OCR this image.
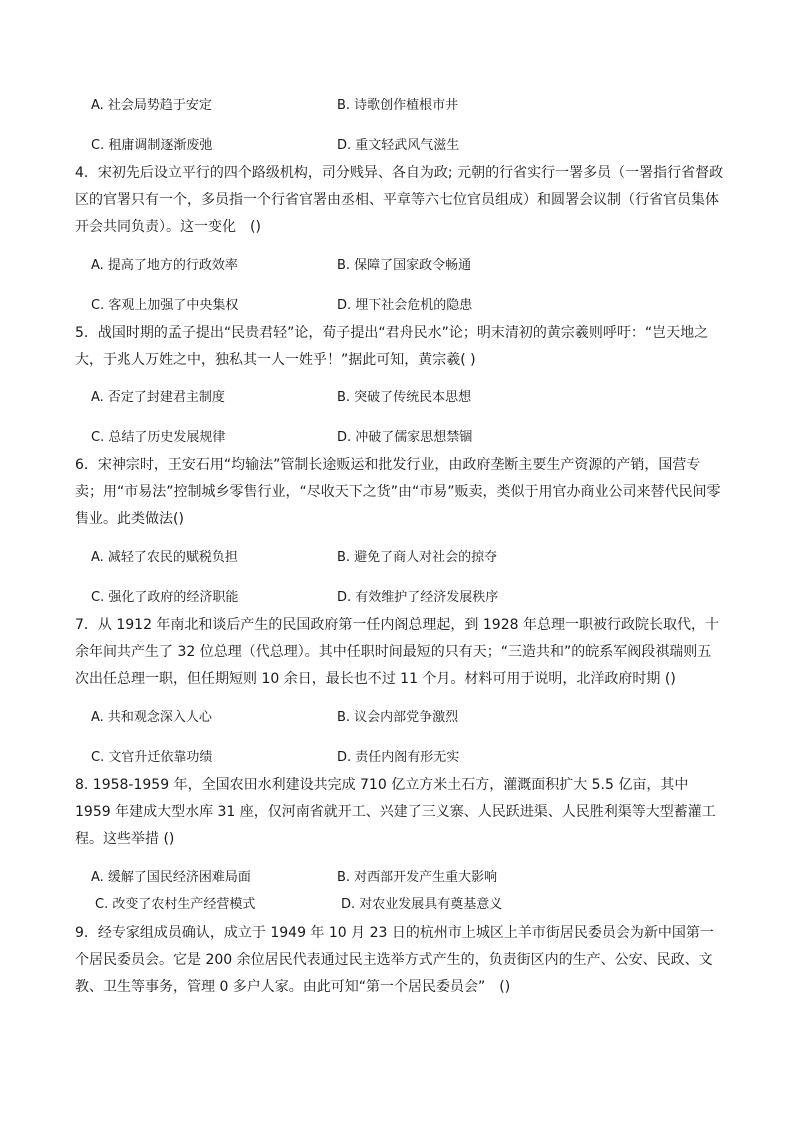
A. 社会局势趋于安定	B. 诗歌创作植根市井
C. 租庸调制逐渐废弛	D. 重文轻武风气滋生

4．宋初先后设立平行的四个路级机构，司分贱异、各自为政; 元朝的行省实行一署多员（一署指行省督政区的官署只有一个，多员指一个行省官署由丞相、平章等六七位官员组成）和圆署会议制（行省官员集体开会共同负责）。这一变化　()

A. 提高了地方的行政效率	B. 保障了国家政令畅通
C. 客观上加强了中央集权	D. 埋下社会危机的隐患

5．战国时期的孟子提出“民贵君轻”论，荀子提出“君舟民水”论；明末清初的黄宗羲则呼吁：“岂天地之大，于兆人万姓之中，独私其一人一姓乎！”据此可知，黄宗羲( )

A. 否定了封建君主制度	B. 突破了传统民本思想
C. 总结了历史发展规律	D. 冲破了儒家思想禁锢

6．宋神宗时，王安石用“均输法”管制长途贩运和批发行业，由政府垄断主要生产资源的产销，国营专卖；用“市易法”控制城乡零售行业，“尽收天下之货”由“市易”贩卖，类似于用官办商业公司来替代民间零售业。此类做法()

A. 减轻了农民的赋税负担	B. 避免了商人对社会的掠夺
C. 强化了政府的经济职能	D. 有效维护了经济发展秩序

7．从 1912 年南北和谈后产生的民国政府第一任内阁总理起，到 1928 年总理一职被行政院长取代，十余年间共产生了 32 位总理（代总理）。其中任职时间最短的只有天；“三造共和”的皖系军阀段祺瑞则五次出任总理一职，但任期短则 10 余日，最长也不过 11 个月。材料可用于说明，北洋政府时期 ()

A. 共和观念深入人心	B. 议会内部党争激烈
C. 文官升迁依靠功绩	D. 责任内阁有形无实

8. 1958-1959 年，全国农田水利建设共完成 710 亿立方米土石方，灌溉面积扩大 5.5 亿亩，其中 1959 年建成大型水库 31 座，仅河南省就开工、兴建了三义寨、人民跃进渠、人民胜利渠等大型蓄灌工程。这些举措 ()

A. 缓解了国民经济困难局面	B. 对西部开发产生重大影响
C. 改变了农村生产经营模式	D. 对农业发展具有奠基意义

9．经专家组成员确认，成立于 1949 年 10 月 23 日的杭州市上城区上羊市街居民委员会为新中国第一个居民委员会。它是 200 余位居民代表通过民主选举方式产生的，负责街区内的生产、公安、民政、文教、卫生等事务，管理 0 多户人家。由此可知“第一个居民委员会”　()
